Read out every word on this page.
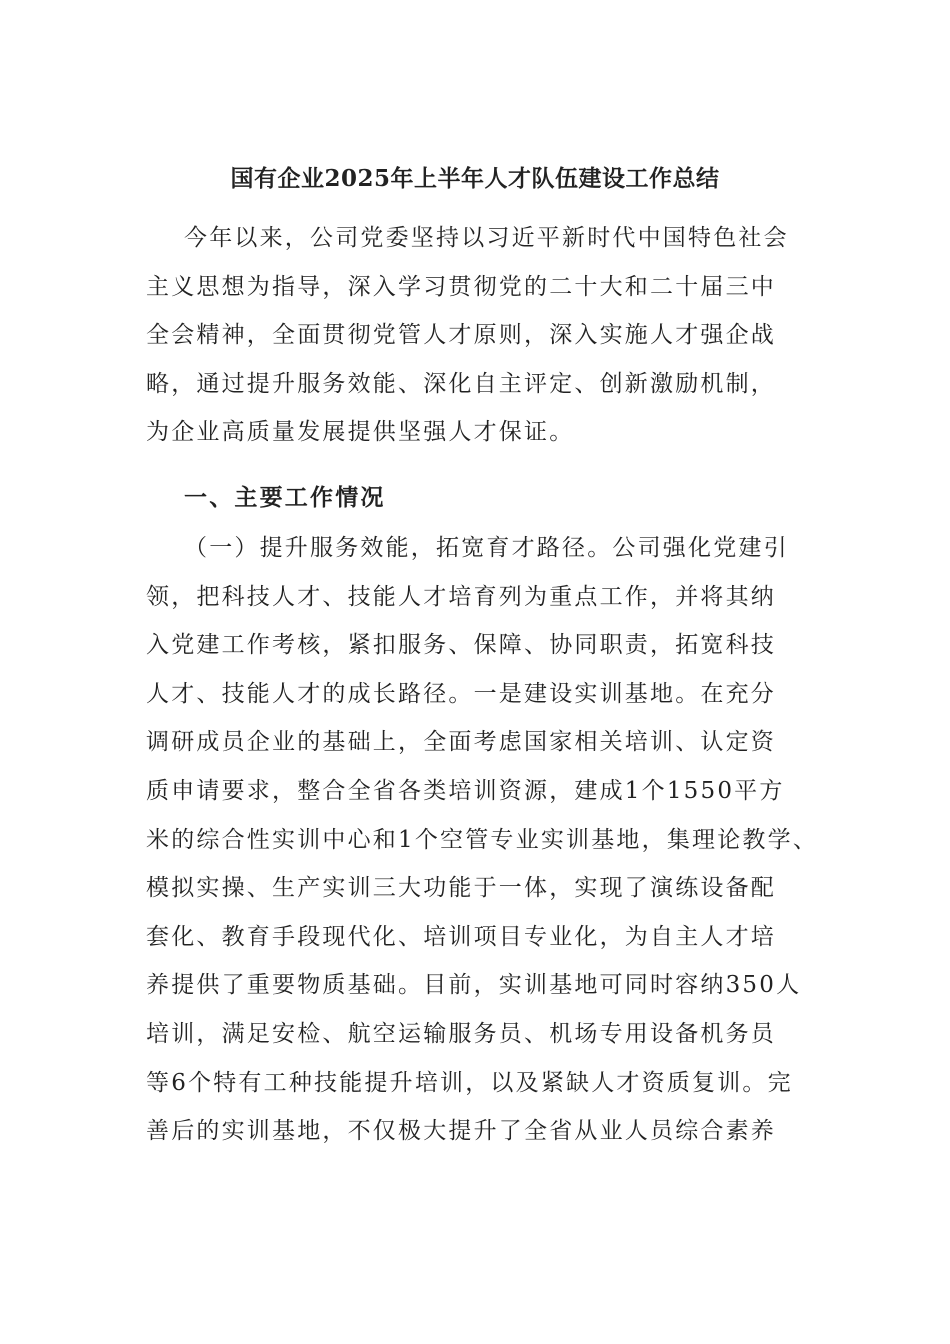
国有企业2025年上半年人才队伍建设工作总结
今年以来，公司党委坚持以习近平新时代中国特色社会
主义思想为指导，深入学习贯彻党的二十大和二十届三中
全会精神，全面贯彻党管人才原则，深入实施人才强企战
略，通过提升服务效能、深化自主评定、创新激励机制，
为企业高质量发展提供坚强人才保证。
一、主要工作情况
（一）提升服务效能，拓宽育才路径。公司强化党建引
领，把科技人才、技能人才培育列为重点工作，并将其纳
入党建工作考核，紧扣服务、保障、协同职责，拓宽科技
人才、技能人才的成长路径。一是建设实训基地。在充分
调研成员企业的基础上，全面考虑国家相关培训、认定资
质申请要求，整合全省各类培训资源，建成1个1550平方
米的综合性实训中心和1个空管专业实训基地，集理论教学、
模拟实操、生产实训三大功能于一体，实现了演练设备配
套化、教育手段现代化、培训项目专业化，为自主人才培
养提供了重要物质基础。目前，实训基地可同时容纳350人
培训，满足安检、航空运输服务员、机场专用设备机务员
等6个特有工种技能提升培训，以及紧缺人才资质复训。完
善后的实训基地，不仅极大提升了全省从业人员综合素养
